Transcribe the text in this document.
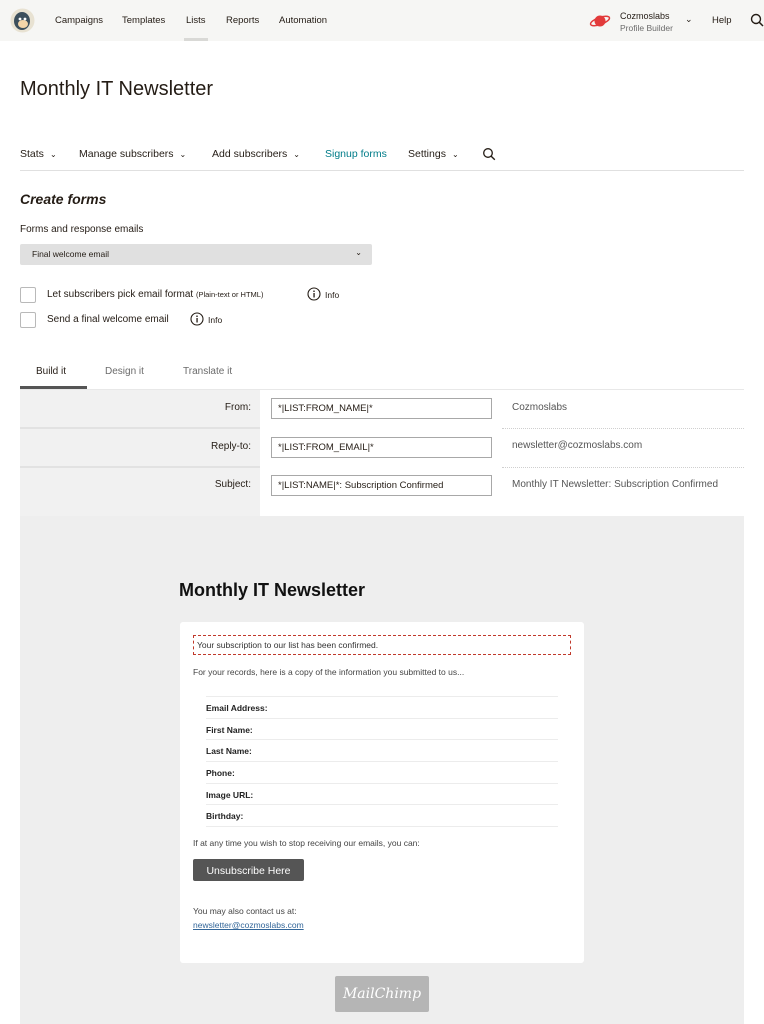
Campaigns Templates Lists Reports Automation	Cozmoslabs
Profile Builder
⌄ Help
Monthly IT Newsletter
Stats ⌄ Manage subscribers ⌄ Add subscribers ⌄ Signup forms Settings ⌄
Create forms
Forms and response emails
Final welcome email	⌄
Let subscribers pick email format (Plain-text or HTML)	Info
Send a final welcome email	Info
Build it	Design it	Translate it
From:
*|LIST:FROM_NAME|*	Cozmoslabs
Reply-to:
*|LIST:FROM_EMAIL|*	newsletter@cozmoslabs.com
Subject:
*|LIST:NAME|*: Subscription Confirmed	Monthly IT Newsletter: Subscription Confirmed
Monthly IT Newsletter
Your subscription to our list has been confirmed.
For your records, here is a copy of the information you submitted to us...
Email Address:
First Name:
Last Name:
Phone:
Image URL:
Birthday:
If at any time you wish to stop receiving our emails, you can:
Unsubscribe Here
You may also contact us at:
newsletter@cozmoslabs.com
MailChimp
